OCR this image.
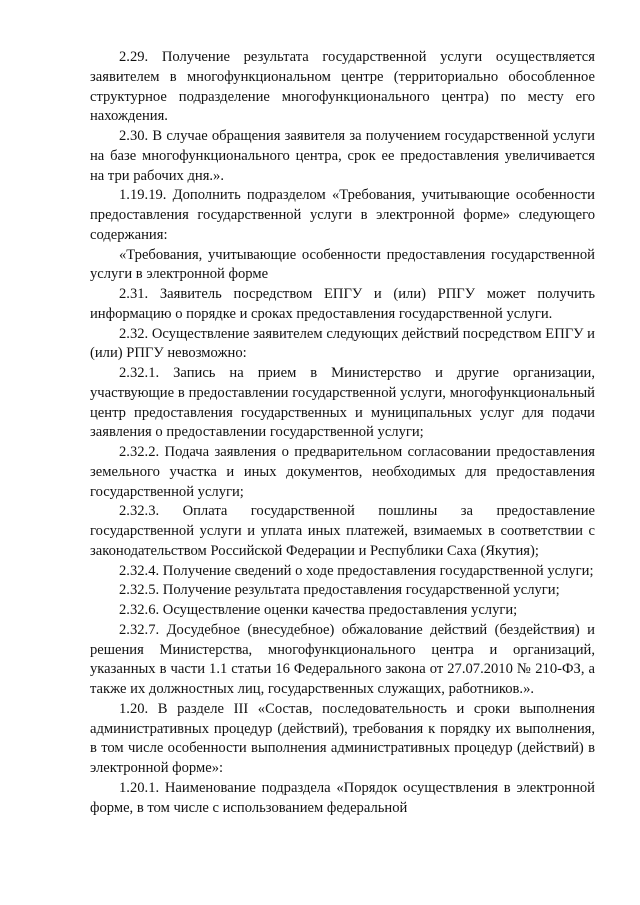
2.29. Получение результата государственной услуги осуществляется заявителем в многофункциональном центре (территориально обособленное структурное подразделение многофункционального центра) по месту его нахождения.

2.30. В случае обращения заявителя за получением государственной услуги на базе многофункционального центра, срок ее предоставления увеличивается на три рабочих дня.».

1.19.19. Дополнить подразделом «Требования, учитывающие особенности предоставления государственной услуги в электронной форме» следующего содержания:

«Требования, учитывающие особенности предоставления государственной услуги в электронной форме

2.31. Заявитель посредством ЕПГУ и (или) РПГУ может получить информацию о порядке и сроках предоставления государственной услуги.

2.32. Осуществление заявителем следующих действий посредством ЕПГУ и (или) РПГУ невозможно:

2.32.1. Запись на прием в Министерство и другие организации, участвующие в предоставлении государственной услуги, многофункциональный центр предоставления государственных и муниципальных услуг для подачи заявления о предоставлении государственной услуги;

2.32.2. Подача заявления о предварительном согласовании предоставления земельного участка и иных документов, необходимых для предоставления государственной услуги;

2.32.3. Оплата государственной пошлины за предоставление государственной услуги и уплата иных платежей, взимаемых в соответствии с законодательством Российской Федерации и Республики Саха (Якутия);

2.32.4. Получение сведений о ходе предоставления государственной услуги;

2.32.5. Получение результата предоставления государственной услуги;

2.32.6. Осуществление оценки качества предоставления услуги;

2.32.7. Досудебное (внесудебное) обжалование действий (бездействия) и решения Министерства, многофункционального центра и организаций, указанных в части 1.1 статьи 16 Федерального закона от 27.07.2010 № 210-ФЗ, а также их должностных лиц, государственных служащих, работников.».

1.20. В разделе III «Состав, последовательность и сроки выполнения административных процедур (действий), требования к порядку их выполнения, в том числе особенности выполнения административных процедур (действий) в электронной форме»:

1.20.1. Наименование подраздела «Порядок осуществления в электронной форме, в том числе с использованием федеральной
